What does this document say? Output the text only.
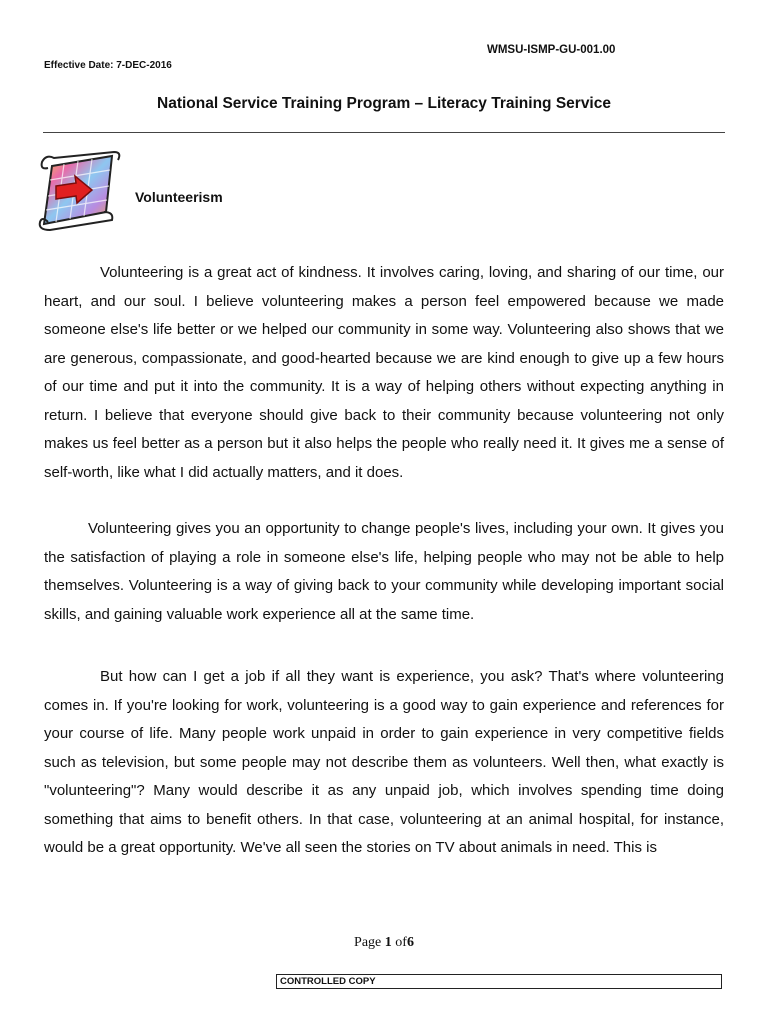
WMSU-ISMP-GU-001.00
Effective Date: 7-DEC-2016
National Service Training Program – Literacy Training Service
Volunteerism

Volunteering is a great act of kindness. It involves caring, loving, and sharing of our time, our heart, and our soul. I believe volunteering makes a person feel empowered because we made someone else's life better or we helped our community in some way. Volunteering also shows that we are generous, compassionate, and good-hearted because we are kind enough to give up a few hours of our time and put it into the community. It is a way of helping others without expecting anything in return. I believe that everyone should give back to their community because volunteering not only makes us feel better as a person but it also helps the people who really need it. It gives me a sense of self-worth, like what I did actually matters, and it does.

Volunteering gives you an opportunity to change people's lives, including your own. It gives you the satisfaction of playing a role in someone else's life, helping people who may not be able to help themselves. Volunteering is a way of giving back to your community while developing important social skills, and gaining valuable work experience all at the same time.

But how can I get a job if all they want is experience, you ask? That's where volunteering comes in. If you're looking for work, volunteering is a good way to gain experience and references for your course of life. Many people work unpaid in order to gain experience in very competitive fields such as television, but some people may not describe them as volunteers. Well then, what exactly is "volunteering"? Many would describe it as any unpaid job, which involves spending time doing something that aims to benefit others. In that case, volunteering at an animal hospital, for instance, would be a great opportunity. We've all seen the stories on TV about animals in need. This is

Page 1 of6
CONTROLLED COPY
